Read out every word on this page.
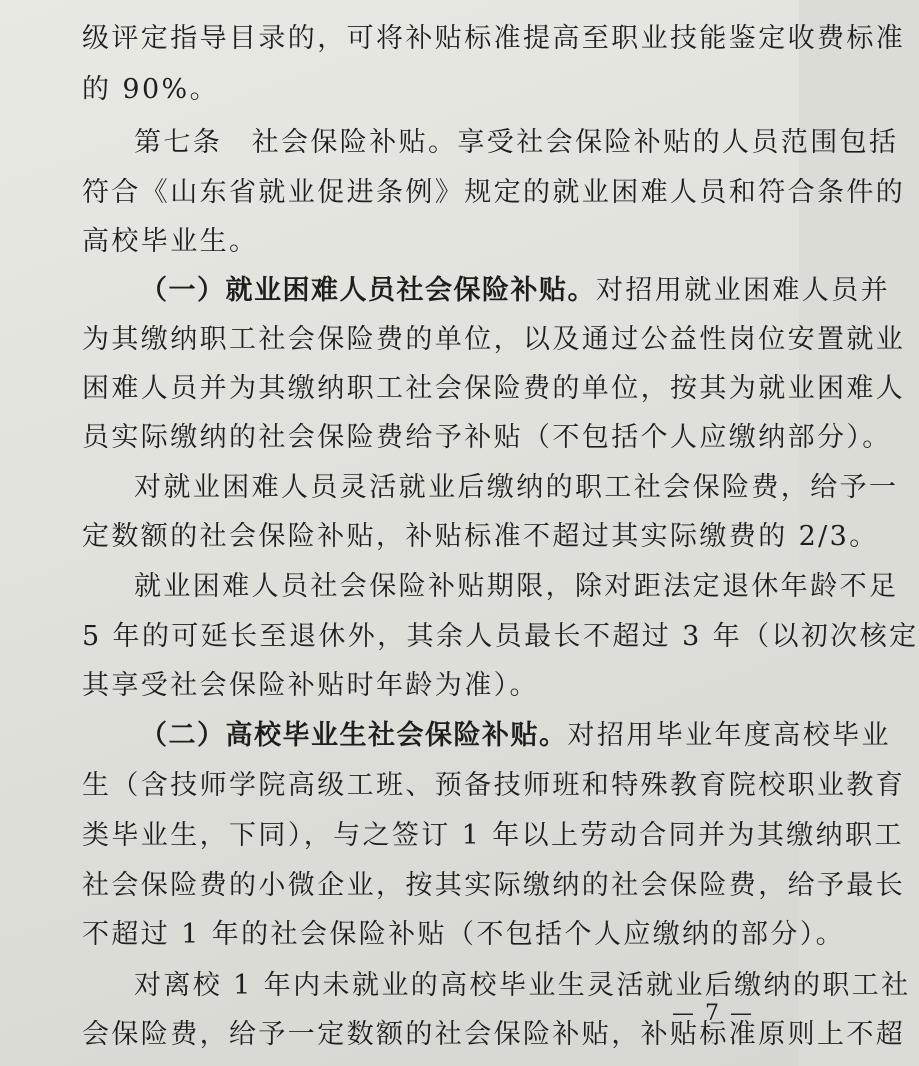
级评定指导目录的，可将补贴标准提高至职业技能鉴定收费标准
的 90%。
第七条　社会保险补贴。享受社会保险补贴的人员范围包括
符合《山东省就业促进条例》规定的就业困难人员和符合条件的
高校毕业生。
（一）就业困难人员社会保险补贴。对招用就业困难人员并
为其缴纳职工社会保险费的单位，以及通过公益性岗位安置就业
困难人员并为其缴纳职工社会保险费的单位，按其为就业困难人
员实际缴纳的社会保险费给予补贴（不包括个人应缴纳部分）。
对就业困难人员灵活就业后缴纳的职工社会保险费，给予一
定数额的社会保险补贴，补贴标准不超过其实际缴费的 2/3。
就业困难人员社会保险补贴期限，除对距法定退休年龄不足
5 年的可延长至退休外，其余人员最长不超过 3 年（以初次核定
其享受社会保险补贴时年龄为准）。
（二）高校毕业生社会保险补贴。对招用毕业年度高校毕业
生（含技师学院高级工班、预备技师班和特殊教育院校职业教育
类毕业生，下同），与之签订 1 年以上劳动合同并为其缴纳职工
社会保险费的小微企业，按其实际缴纳的社会保险费，给予最长
不超过 1 年的社会保险补贴（不包括个人应缴纳的部分）。
对离校 1 年内未就业的高校毕业生灵活就业后缴纳的职工社
会保险费，给予一定数额的社会保险补贴，补贴标准原则上不超
— 7 —
